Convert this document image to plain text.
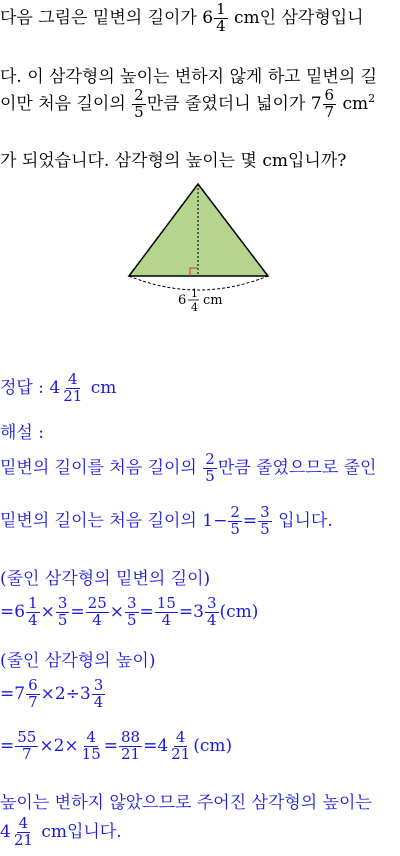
다음 그림은 밑변의 길이가 $6 \frac{1}{4}$ cm인 삼각형입니
다. 이 삼각형의 높이는 변하지 않게 하고 밑변의 길
이만 처음 길이의 $\frac{2}{5}$ 만큼 줄였더니 넓이가 $7 \frac{6}{7} cm^2$
가 되었습니다. 삼각형의 높이는 몇 cm입니까?
6 1
4 cm
정답 : $4 \frac{4}{21}$ cm
해설 :
밑변의 길이를 처음 길이의 $\frac{2}{5}$ 만큼 줄였으므로 줄인
밑변의 길이는 처음 길이의 $1- \frac{2}{5} = \frac{3}{5}$ 입니다.
(줄인 삼각형의 밑변의 길이)
$=6 \frac{1}{4} \times \frac{3}{5} = \frac{25}{4} \times \frac{3}{5} = \frac{15}{4} =3 \frac{3}{4} (cm)$
(줄인 삼각형의 높이)
$=7 \frac{6}{7} \times 2\div 3 \frac{3}{4}$
= $\frac{55}{7} \times 2\times \frac{4}{15} = \frac{88}{21} =4 \frac{4}{21} (cm)$
높이는 변하지 않았으므로 주어진 삼각형의 높이는
$4 \frac{4}{21}$ cm입니다.
